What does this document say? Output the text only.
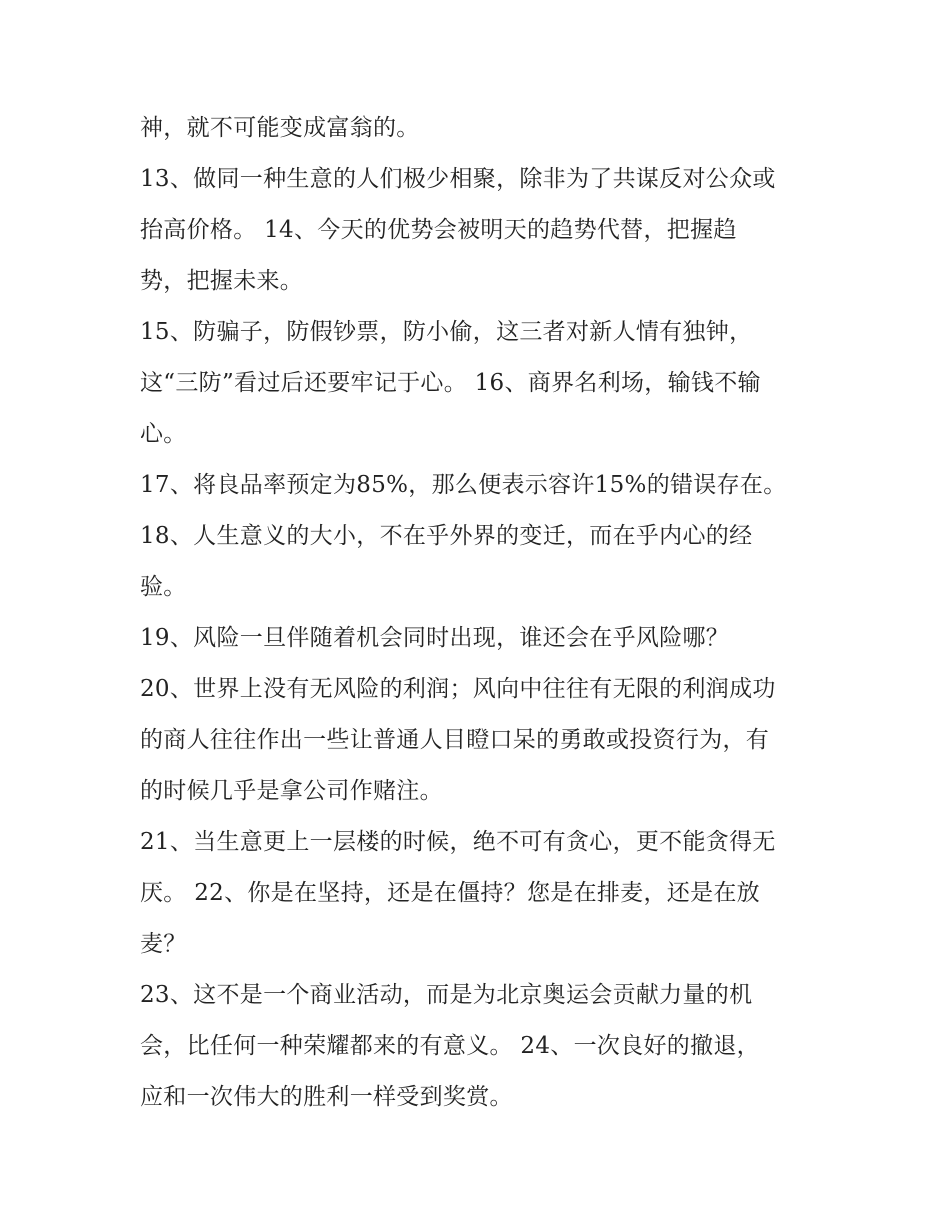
神，就不可能变成富翁的。
13、做同一种生意的人们极少相聚，除非为了共谋反对公众或
抬高价格。 14、今天的优势会被明天的趋势代替，把握趋
势，把握未来。
15、防骗子，防假钞票，防小偷，这三者对新人情有独钟，
这“三防”看过后还要牢记于心。 16、商界名利场，输钱不输
心。
17、将良品率预定为85%，那么便表示容许15%的错误存在。
18、人生意义的大小，不在乎外界的变迁，而在乎内心的经
验。
19、风险一旦伴随着机会同时出现，谁还会在乎风险哪？
20、世界上没有无风险的利润；风向中往往有无限的利润成功
的商人往往作出一些让普通人目瞪口呆的勇敢或投资行为，有
的时候几乎是拿公司作赌注。
21、当生意更上一层楼的时候，绝不可有贪心，更不能贪得无
厌。 22、你是在坚持，还是在僵持？您是在排麦，还是在放
麦？
23、这不是一个商业活动，而是为北京奥运会贡献力量的机
会，比任何一种荣耀都来的有意义。 24、一次良好的撤退，
应和一次伟大的胜利一样受到奖赏。
